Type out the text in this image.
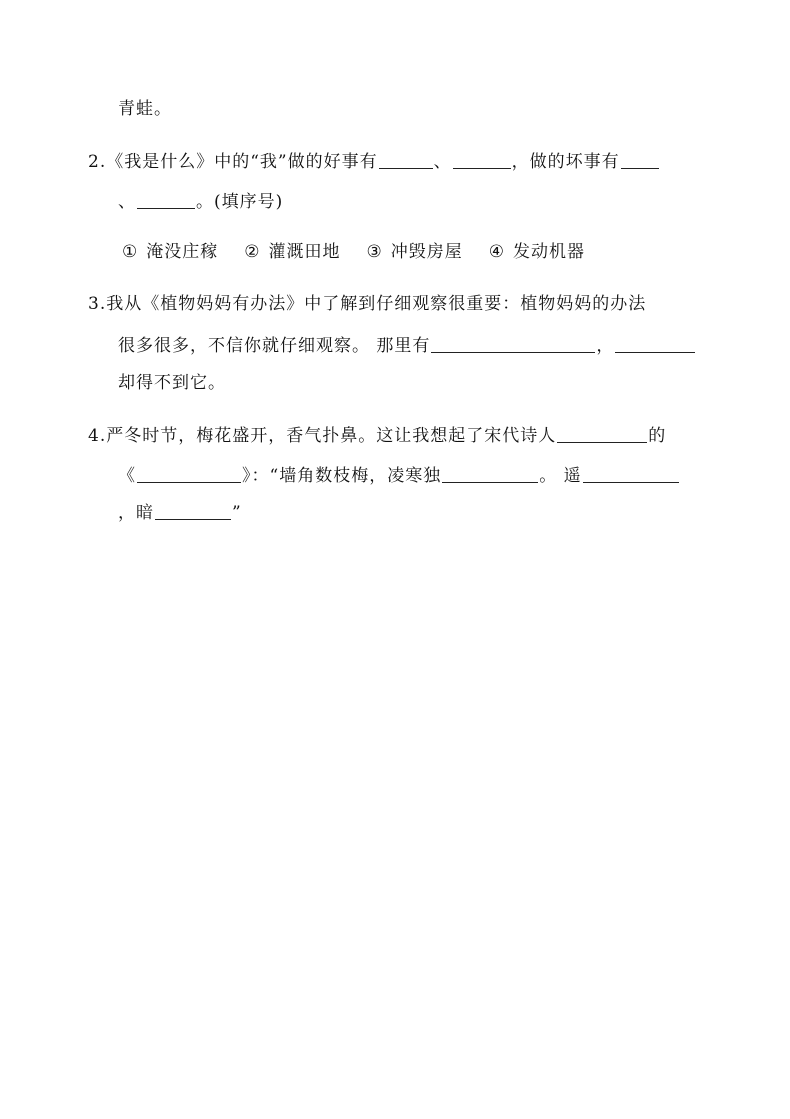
青蛙。
2.《我是什么》中的“我”做的好事有	、	，做的坏事有
、	。(填序号)
① 淹没庄稼 ② 灌溉田地 ③ 冲毁房屋 ④ 发动机器
3.我从《植物妈妈有办法》中了解到仔细观察很重要：植物妈妈的办法
很多很多，不信你就仔细观察。 那里有	，
却得不到它。
4.严冬时节，梅花盛开，香气扑鼻。这让我想起了宋代诗人	的
《	》：“墙角数枝梅，凌寒独	。 遥
，暗	”
